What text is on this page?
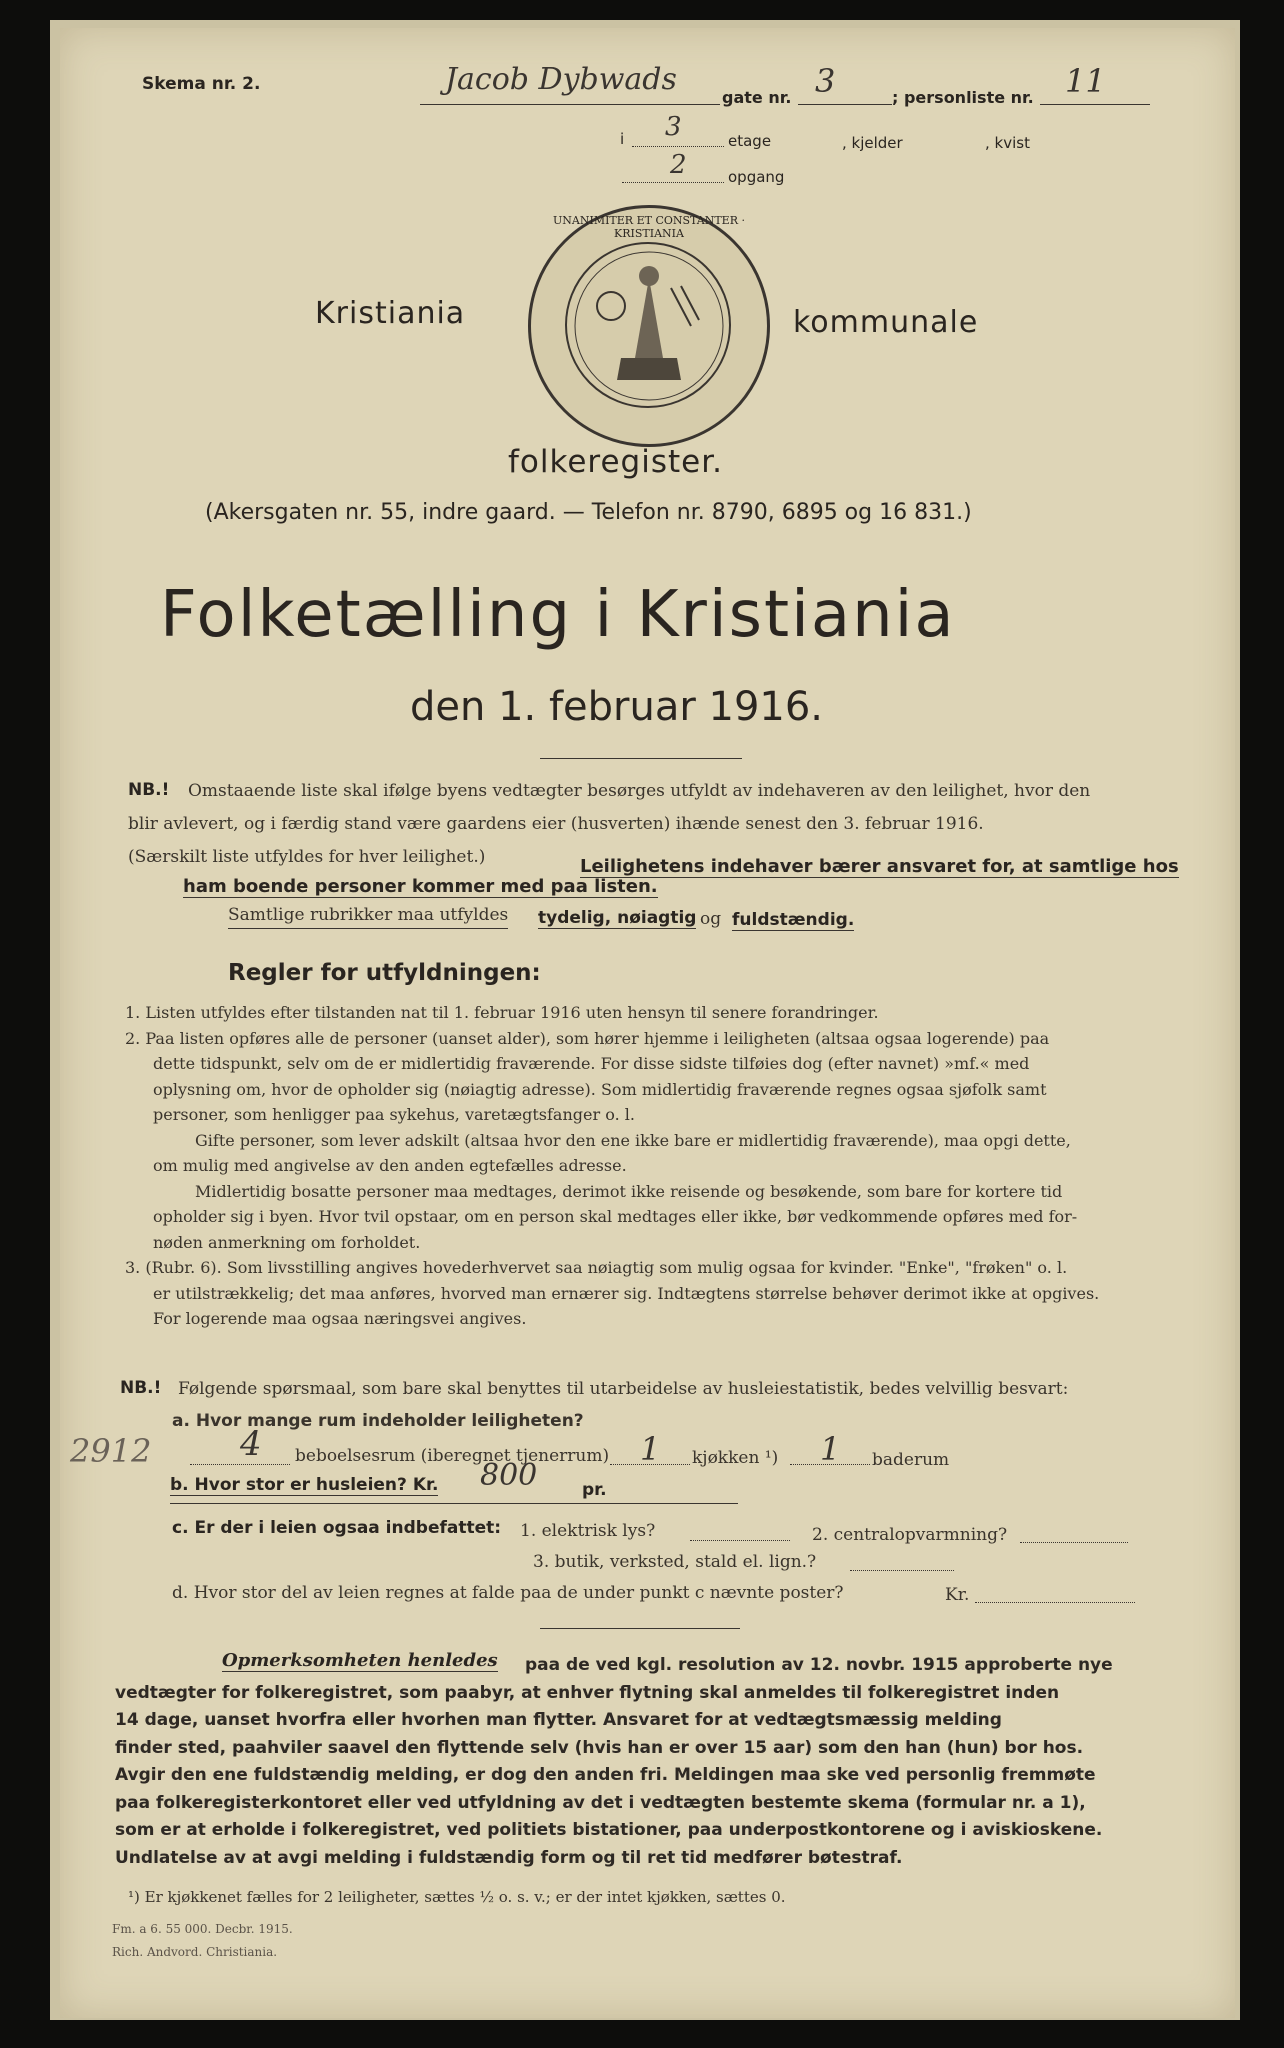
Skema nr. 2.	Jacob Dybwads
gate nr. 3	; personliste nr. 11
i 3	etage	, kjelder	, kvist
2	opgang
Kristiania
UNANIMITER ET CONSTANTER · KRISTIANIA
kommunale
folkeregister.
(Akersgaten nr. 55, indre gaard. — Telefon nr. 8790, 6895 og 16 831.)
Folketælling i Kristiania
den 1. februar 1916.
NB.! Omstaaende liste skal ifølge byens vedtægter besørges utfyldt av indehaveren av den leilighet, hvor den
blir avlevert, og i færdig stand være gaardens eier (husverten) ihænde senest den 3. februar 1916.
(Særskilt liste utfyldes for hver leilighet.)	Leilighetens indehaver bærer ansvaret for, at samtlige hos
ham boende personer kommer med paa listen.
Samtlige rubrikker maa utfyldes tydelig, nøiagtig og fuldstændig.
Regler for utfyldningen:
1. Listen utfyldes efter tilstanden nat til 1. februar 1916 uten hensyn til senere forandringer.
2. Paa listen opføres alle de personer (uanset alder), som hører hjemme i leiligheten (altsaa ogsaa logerende) paa
dette tidspunkt, selv om de er midlertidig fraværende. For disse sidste tilføies dog (efter navnet) »mf.« med
oplysning om, hvor de opholder sig (nøiagtig adresse). Som midlertidig fraværende regnes ogsaa sjøfolk samt
personer, som henligger paa sykehus, varetægtsfanger o. l.
Gifte personer, som lever adskilt (altsaa hvor den ene ikke bare er midlertidig fraværende), maa opgi dette,
om mulig med angivelse av den anden egtefælles adresse.
Midlertidig bosatte personer maa medtages, derimot ikke reisende og besøkende, som bare for kortere tid
opholder sig i byen. Hvor tvil opstaar, om en person skal medtages eller ikke, bør vedkommende opføres med for-
nøden anmerkning om forholdet.
3. (Rubr. 6). Som livsstilling angives hovederhvervet saa nøiagtig som mulig ogsaa for kvinder. "Enke", "frøken" o. l.
er utilstrækkelig; det maa anføres, hvorved man ernærer sig. Indtægtens størrelse behøver derimot ikke at opgives.
For logerende maa ogsaa næringsvei angives.
NB.! Følgende spørsmaal, som bare skal benyttes til utarbeidelse av husleiestatistik, bedes velvillig besvart:
a. Hvor mange rum indeholder leiligheten?
2912	4 beboelsesrum (iberegnet tjenerrum) 1 kjøkken ¹) 1 baderum
b. Hvor stor er husleien? Kr. 800	pr.
c. Er der i leien ogsaa indbefattet: 1. elektrisk lys?	2. centralopvarmning?
3. butik, verksted, stald el. lign.?
d. Hvor stor del av leien regnes at falde paa de under punkt c nævnte poster?	Kr.
Opmerksomheten henledes paa de ved kgl. resolution av 12. novbr. 1915 approberte nye
vedtægter for folkeregistret, som paabyr, at enhver flytning skal anmeldes til folkeregistret inden
14 dage, uanset hvorfra eller hvorhen man flytter. Ansvaret for at vedtægtsmæssig melding
finder sted, paahviler saavel den flyttende selv (hvis han er over 15 aar) som den han (hun) bor hos.
Avgir den ene fuldstændig melding, er dog den anden fri. Meldingen maa ske ved personlig fremmøte
paa folkeregisterkontoret eller ved utfyldning av det i vedtægten bestemte skema (formular nr. a 1),
som er at erholde i folkeregistret, ved politiets bistationer, paa underpostkontorene og i aviskioskene.
Undlatelse av at avgi melding i fuldstændig form og til ret tid medfører bøtestraf.
¹) Er kjøkkenet fælles for 2 leiligheter, sættes ½ o. s. v.; er der intet kjøkken, sættes 0.
Fm. a 6. 55 000. Decbr. 1915.
Rich. Andvord. Christiania.
